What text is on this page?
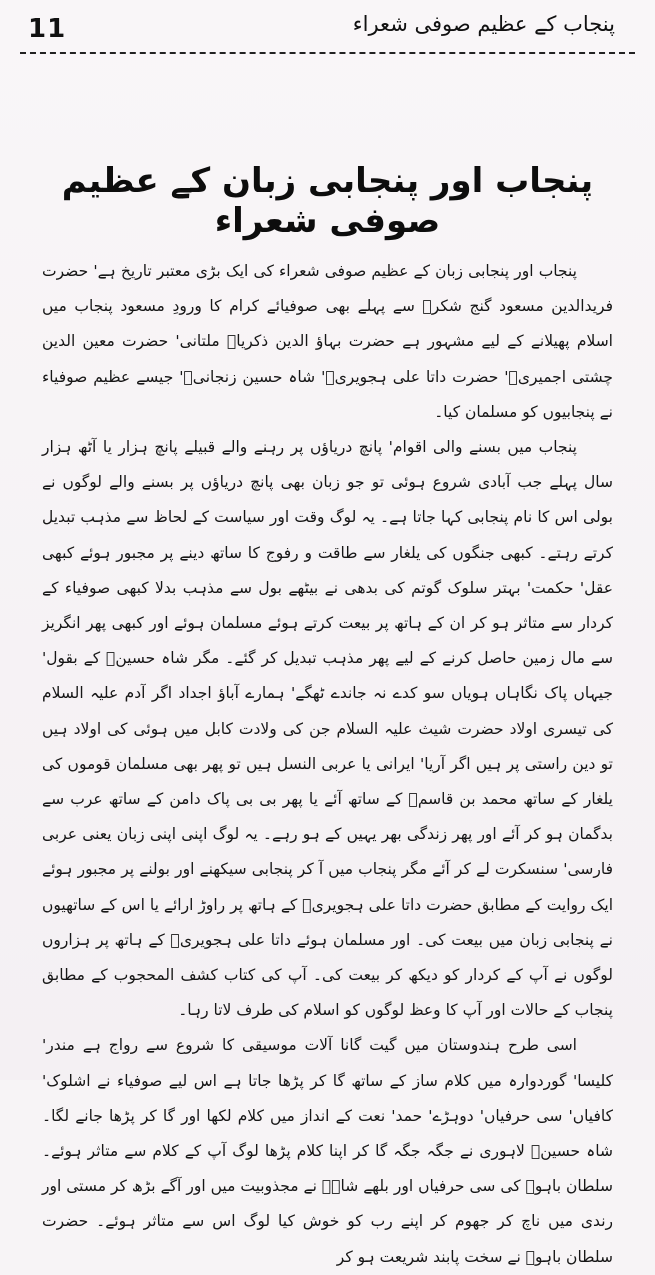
11	پنجاب کے عظیم صوفی شعراء
پنجاب اور پنجابی زبان کے عظیم صوفی شعراء

پنجاب اور پنجابی زبان کے عظیم صوفی شعراء کی ایک بڑی معتبر تاریخ ہے' حضرت فریدالدین مسعود گنج شکرؒ سے پہلے بھی صوفیائے کرام کا ورودِ مسعود پنجاب میں اسلام پھیلانے کے لیے مشہور ہے حضرت بہاؤ الدین ذکریاؒ ملتانی' حضرت معین الدین چشتی اجمیریؒ' حضرت داتا علی ہجویریؒ' شاہ حسین زنجانیؒ' جیسے عظیم صوفیاء نے پنجابیوں کو مسلمان کیا۔

پنجاب میں بسنے والی اقوام' پانچ دریاؤں پر رہنے والے قبیلے پانچ ہزار یا آٹھ ہزار سال پہلے جب آبادی شروع ہوئی تو جو زبان بھی پانچ دریاؤں پر بسنے والے لوگوں نے بولی اس کا نام پنجابی کہا جاتا ہے۔ یہ لوگ وقت اور سیاست کے لحاظ سے مذہب تبدیل کرتے رہتے۔ کبھی جنگوں کی یلغار سے طاقت و رفوج کا ساتھ دینے پر مجبور ہوئے کبھی عقل' حکمت' بہتر سلوک گوتم کی بدھی نے بیٹھے بول سے مذہب بدلا کبھی صوفیاء کے کردار سے متاثر ہو کر ان کے ہاتھ پر بیعت کرتے ہوئے مسلمان ہوئے اور کبھی پھر انگریز سے مال زمین حاصل کرنے کے لیے پھر مذہب تبدیل کر گئے۔ مگر شاہ حسینؒ کے بقول' جیہاں پاک نگاہاں ہویاں سو کدے نہ جاندے ٹھگے' ہمارے آباؤ اجداد اگر آدم علیہ السلام کی تیسری اولاد حضرت شیث علیہ السلام جن کی ولادت کابل میں ہوئی کی اولاد ہیں تو دین راستی پر ہیں اگر آریا' ایرانی یا عربی النسل ہیں تو پھر بھی مسلمان قوموں کی یلغار کے ساتھ محمد بن قاسمؒ کے ساتھ آئے یا پھر بی بی پاک دامن کے ساتھ عرب سے بدگمان ہو کر آئے اور پھر زندگی بھر یہیں کے ہو رہے۔ یہ لوگ اپنی اپنی زبان یعنی عربی فارسی' سنسکرت لے کر آئے مگر پنجاب میں آ کر پنجابی سیکھنے اور بولنے پر مجبور ہوئے ایک روایت کے مطابق حضرت داتا علی ہجویریؒ کے ہاتھ پر راوڑ ارائے یا اس کے ساتھیوں نے پنجابی زبان میں بیعت کی۔ اور مسلمان ہوئے داتا علی ہجویریؒ کے ہاتھ پر ہزاروں لوگوں نے آپ کے کردار کو دیکھ کر بیعت کی۔ آپ کی کتاب کشف المحجوب کے مطابق پنجاب کے حالات اور آپ کا وعظ لوگوں کو اسلام کی طرف لاتا رہا۔

اسی طرح ہندوستان میں گیت گانا آلات موسیقی کا شروع سے رواج ہے مندر' کلیسا' گوردوارہ میں کلام ساز کے ساتھ گا کر پڑھا جاتا ہے اس لیے صوفیاء نے اشلوک' کافیاں' سی حرفیاں' دوہڑے' حمد' نعت کے انداز میں کلام لکھا اور گا کر پڑھا جانے لگا۔ شاہ حسینؒ لاہوری نے جگہ جگہ گا کر اپنا کلام پڑھا لوگ آپ کے کلام سے متاثر ہوئے۔ سلطان باہوؒ کی سی حرفیاں اور بلھے شاہؒ نے مجذوبیت میں اور آگے بڑھ کر مستی اور رندی میں ناچ کر جھوم کر اپنے رب کو خوش کیا لوگ اس سے متاثر ہوئے۔ حضرت سلطان باہوؒ نے سخت پابند شریعت ہو کر
